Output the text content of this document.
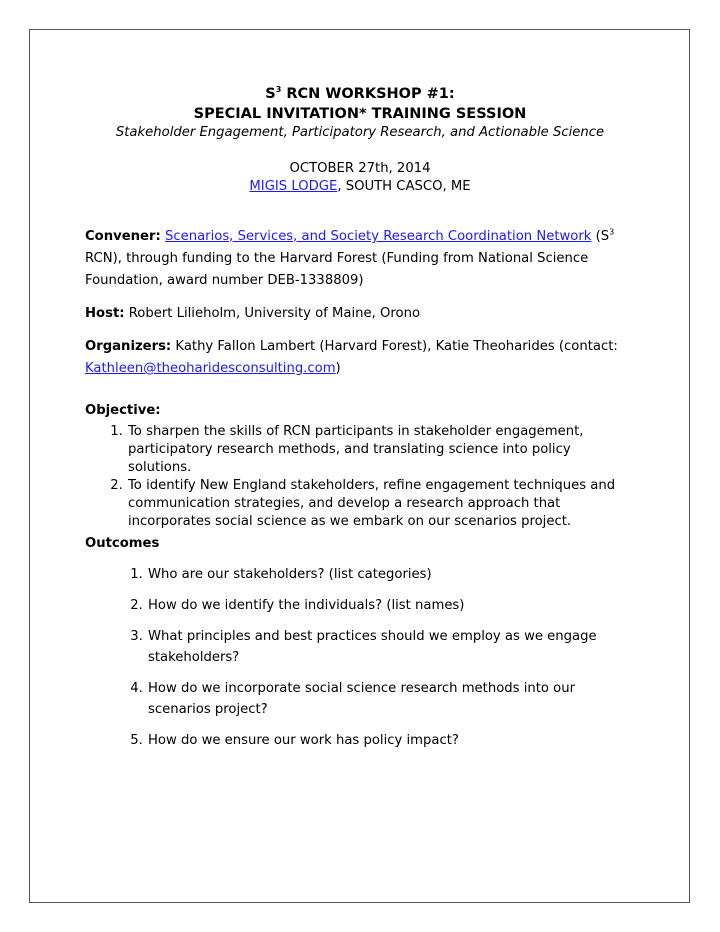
$S^3$ RCN WORKSHOP #1:
SPECIAL INVITATION* TRAINING SESSION
Stakeholder Engagement, Participatory Research, and Actionable Science
OCTOBER 27th, 2014
MIGIS LODGE, SOUTH CASCO, ME
Convener: Scenarios, Services, and Society Research Coordination Network ($S^3$ RCN), through funding to the Harvard Forest (Funding from National Science Foundation, award number DEB-1338809)
Host: Robert Lilieholm, University of Maine, Orono
Organizers: Kathy Fallon Lambert (Harvard Forest), Katie Theoharides (contact: Kathleen@theoharidesconsulting.com)
Objective:
1. To sharpen the skills of RCN participants in stakeholder engagement, participatory research methods, and translating science into policy solutions.
2. To identify New England stakeholders, refine engagement techniques and communication strategies, and develop a research approach that incorporates social science as we embark on our scenarios project.
Outcomes
1. Who are our stakeholders? (list categories)
2. How do we identify the individuals? (list names)
3. What principles and best practices should we employ as we engage stakeholders?
4. How do we incorporate social science research methods into our scenarios project?
5. How do we ensure our work has policy impact?
